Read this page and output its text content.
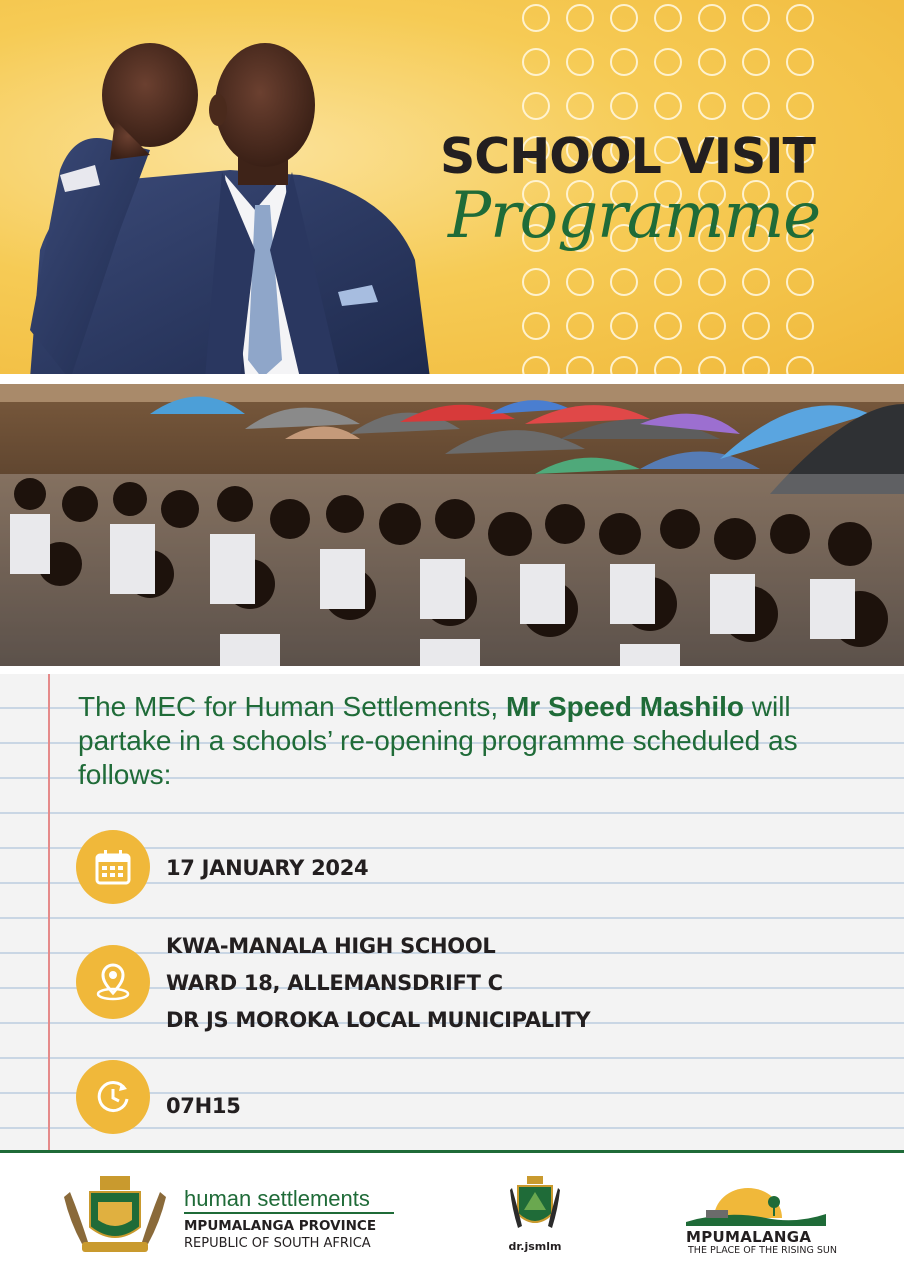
SCHOOL VISIT
Programme
The MEC for Human Settlements, Mr Speed Mashilo will partake in a schools’ re-opening programme scheduled as follows:
17 JANUARY 2024
KWA-MANALA HIGH SCHOOL
WARD 18, ALLEMANSDRIFT C
DR JS MOROKA LOCAL MUNICIPALITY
07H15
human settlements
MPUMALANGA PROVINCE
REPUBLIC OF SOUTH AFRICA	dr.jsmlm
MPUMALANGA
THE PLACE OF THE RISING SUN
